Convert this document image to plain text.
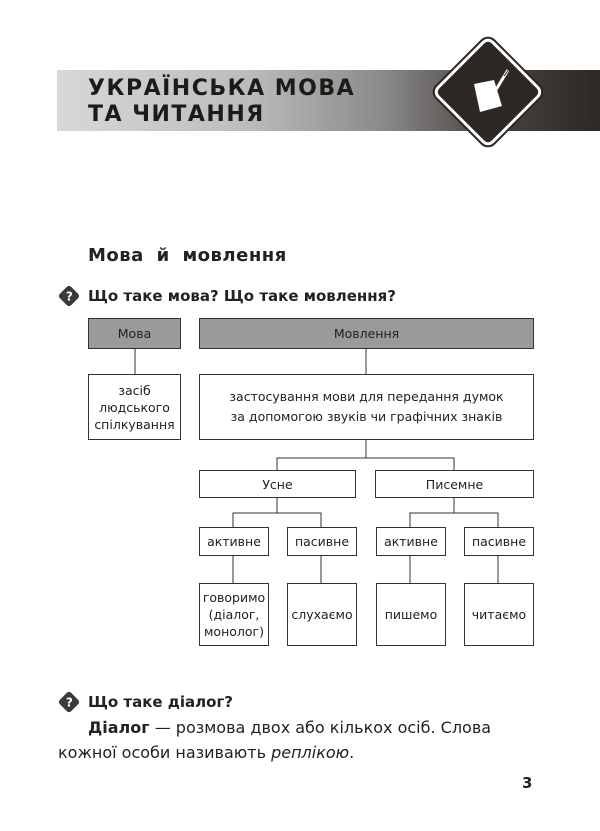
УКРАЇНСЬКА МОВА
ТА ЧИТАННЯ
Мова й мовлення
? Що таке мова? Що таке мовлення?
Мова	Мовлення
засіб
людського
спілкування
застосування мови для передання думок
за допомогою звуків чи графічних знаків
Усне	Писемне
активне	пасивне	активне	пасивне
говоримо
(діалог,
монолог)
слухаємо	пишемо	читаємо
? Що таке діалог?
Діалог — розмова двох або кількох осіб. Слова кожної особи називають реплікою.
3
